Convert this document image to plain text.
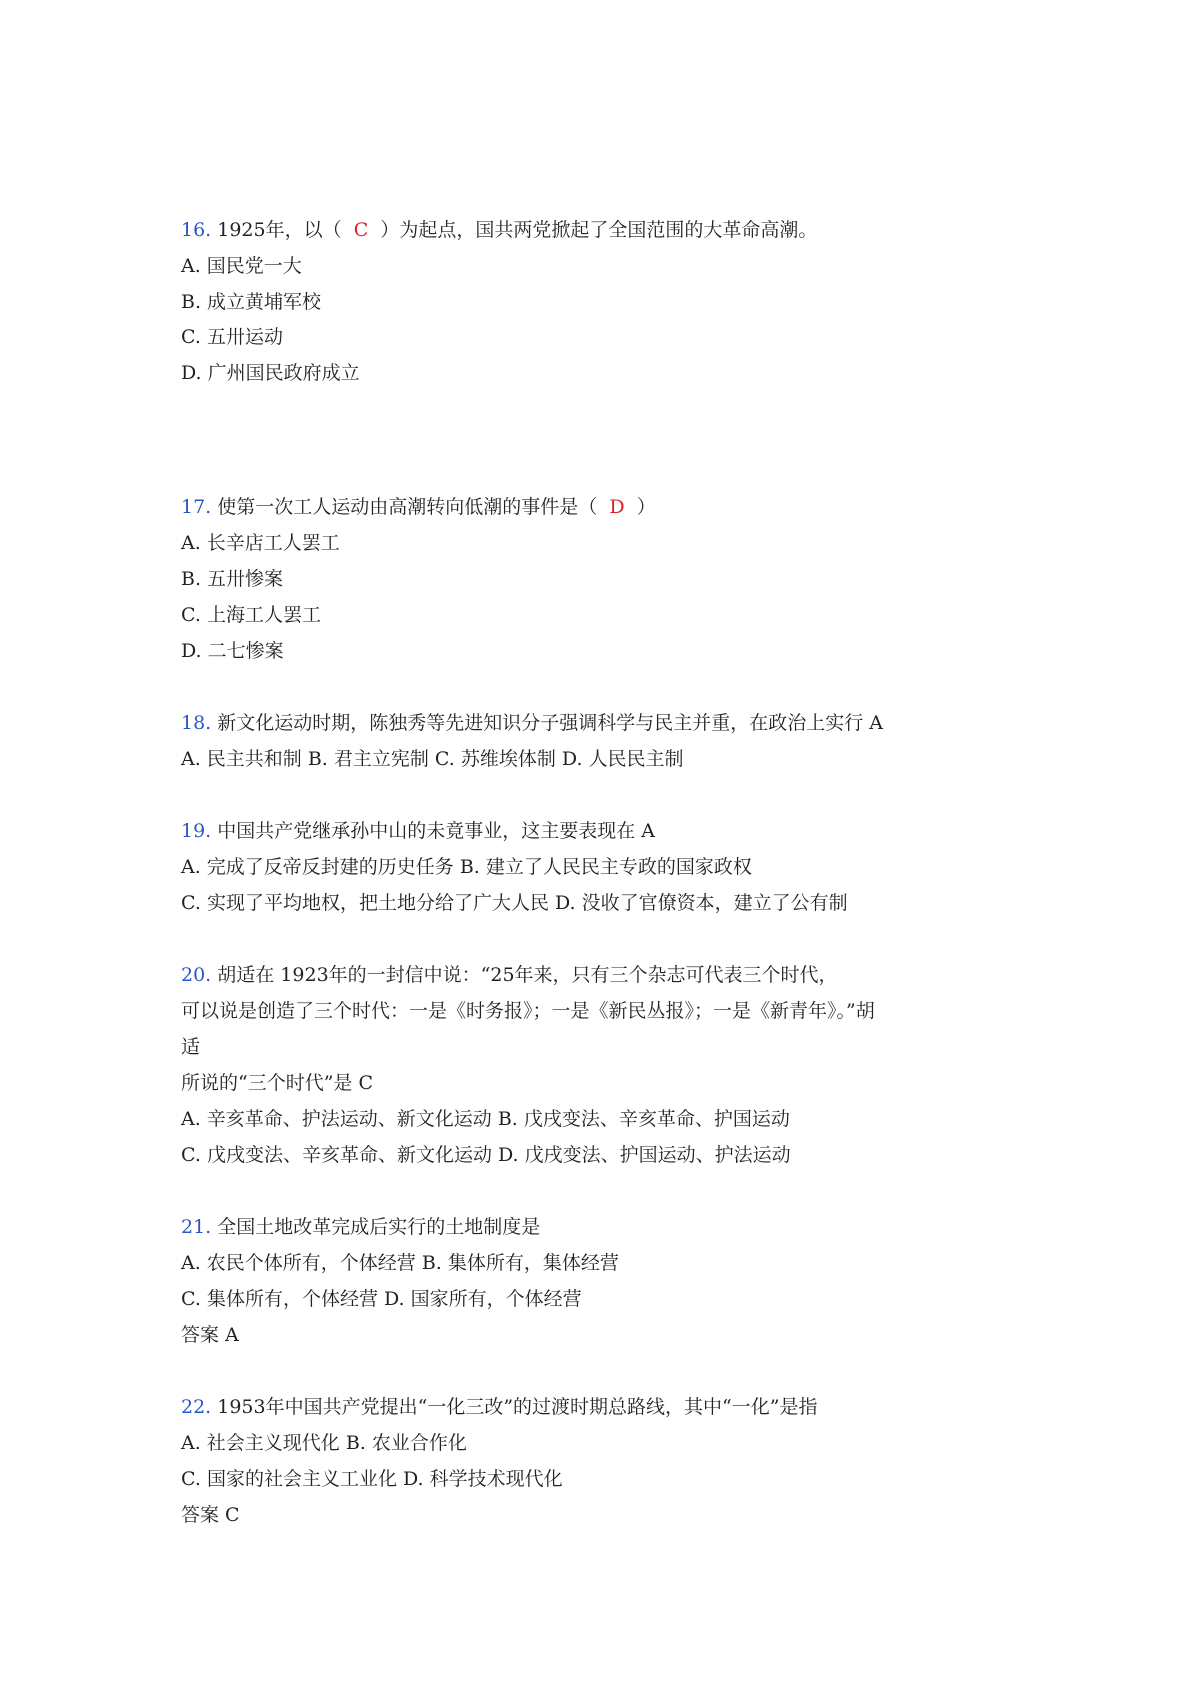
16. 1925年，以（ C ）为起点，国共两党掀起了全国范围的大革命高潮。
A. 国民党一大
B. 成立黄埔军校
C. 五卅运动
D. 广州国民政府成立
17. 使第一次工人运动由高潮转向低潮的事件是（ D ）
A. 长辛店工人罢工
B. 五卅惨案
C. 上海工人罢工
D. 二七惨案
18. 新文化运动时期，陈独秀等先进知识分子强调科学与民主并重，在政治上实行 A
A. 民主共和制 B. 君主立宪制 C. 苏维埃体制 D. 人民民主制
19. 中国共产党继承孙中山的未竟事业，这主要表现在 A
A. 完成了反帝反封建的历史任务 B. 建立了人民民主专政的国家政权
C. 实现了平均地权，把土地分给了广大人民 D. 没收了官僚资本，建立了公有制
20. 胡适在 1923年的一封信中说：“25年来，只有三个杂志可代表三个时代，
可以说是创造了三个时代：一是《时务报》；一是《新民丛报》；一是《新青年》。”胡
适
所说的“三个时代”是 C
A. 辛亥革命、护法运动、新文化运动 B. 戊戌变法、辛亥革命、护国运动
C. 戊戌变法、辛亥革命、新文化运动 D. 戊戌变法、护国运动、护法运动
21. 全国土地改革完成后实行的土地制度是
A. 农民个体所有，个体经营 B. 集体所有，集体经营
C. 集体所有，个体经营 D. 国家所有，个体经营
答案 A
22. 1953年中国共产党提出“一化三改”的过渡时期总路线，其中“一化”是指
A. 社会主义现代化 B. 农业合作化
C. 国家的社会主义工业化 D. 科学技术现代化
答案 C
